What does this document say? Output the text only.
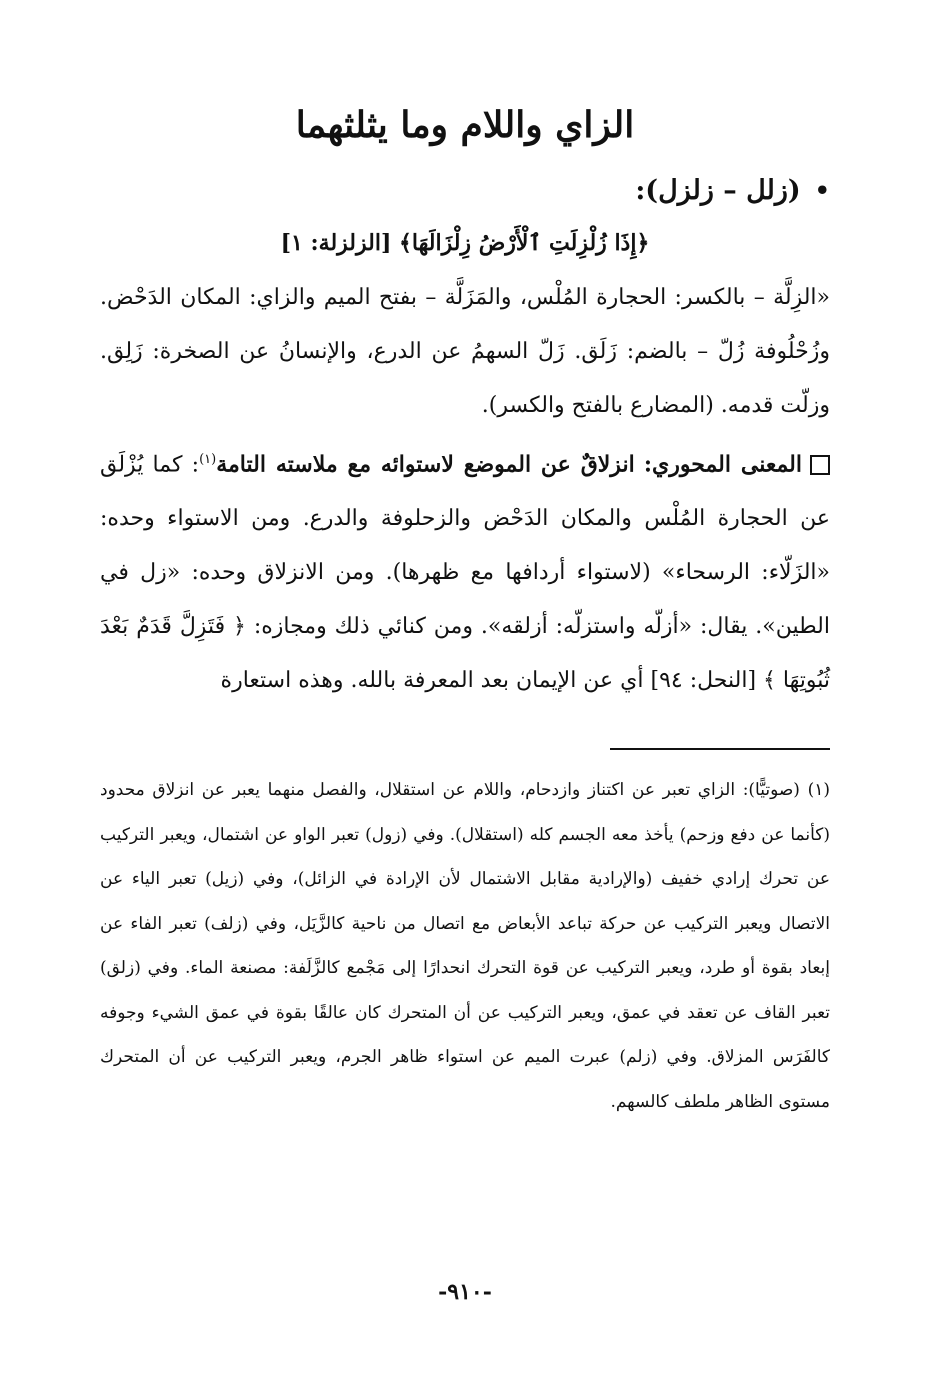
الزاي واللام وما يثلثهما
•
(زلل – زلزل):
﴿إِذَا زُلْزِلَتِ ٱلْأَرْضُ زِلْزَالَهَا﴾ [الزلزلة: ١]

«الزِلَّة – بالكسر: الحجارة المُلْس، والمَزَلَّة – بفتح الميم والزاي: المكان الدَحْض. وزُحْلُوفة زُلّ – بالضم: زَلَق. زَلّ السهمُ عن الدرع، والإنسانُ عن الصخرة: زَلِق. وزلّت قدمه. (المضارع بالفتح والكسر).

المعنى المحوري: انزلاقٌ عن الموضع لاستوائه مع ملاسته التامة$^{(١)}$: كما يُزْلَق عن الحجارة المُلْس والمكان الدَحْض والزحلوفة والدرع. ومن الاستواء وحده: «الزَلّاء: الرسحاء» (لاستواء أردافها مع ظهرها). ومن الانزلاق وحده: «زل في الطين». يقال: «أزلّه واستزلّه: أزلقه». ومن كنائي ذلك ومجازه: ﴿ فَتَزِلَّ قَدَمٌ بَعْدَ ثُبُوتِهَا ﴾ [النحل: ٩٤] أي عن الإيمان بعد المعرفة بالله. وهذه استعارة

(١) (صوتيًّا): الزاي تعبر عن اكتناز وازدحام، واللام عن استقلال، والفصل منهما يعبر عن انزلاق محدود (كأنما عن دفع وزحم) يأخذ معه الجسم كله (استقلال). وفي (زول) تعبر الواو عن اشتمال، ويعبر التركيب عن تحرك إرادي خفيف (والإرادية مقابل الاشتمال لأن الإرادة في الزائل)، وفي (زيل) تعبر الياء عن الاتصال ويعبر التركيب عن حركة تباعد الأبعاض مع اتصال من ناحية كالزَّيَل، وفي (زلف) تعبر الفاء عن إبعاد بقوة أو طرد، ويعبر التركيب عن قوة التحرك انحدارًا إلى مَجْمع كالزَّلَفة: مصنعة الماء. وفي (زلق) تعبر القاف عن تعقد في عمق، ويعبر التركيب عن أن المتحرك كان عالقًا بقوة في عمق الشيء وجوفه كالفَرَس المزلاق. وفي (زلم) عبرت الميم عن استواء ظاهر الجرم، ويعبر التركيب عن أن المتحرك مستوى الظاهر ملطف كالسهم.

-٩١٠-
